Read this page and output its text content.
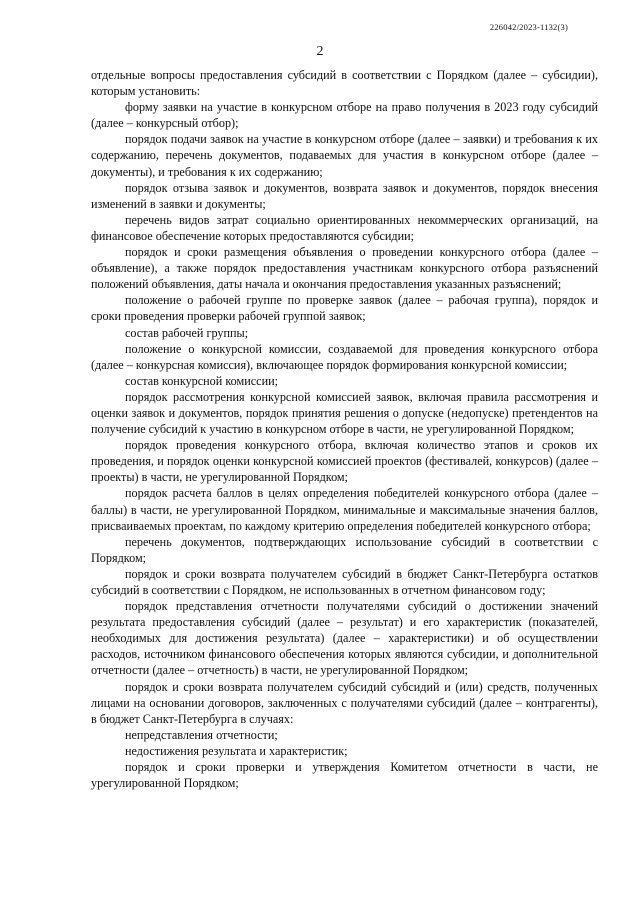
226042/2023-1132(3)
2

отдельные вопросы предоставления субсидий в соответствии с Порядком (далее – субсидии), которым установить:

форму заявки на участие в конкурсном отборе на право получения в 2023 году субсидий (далее – конкурсный отбор);

порядок подачи заявок на участие в конкурсном отборе (далее – заявки) и требования к их содержанию, перечень документов, подаваемых для участия в конкурсном отборе (далее – документы), и требования к их содержанию;

порядок отзыва заявок и документов, возврата заявок и документов, порядок внесения изменений в заявки и документы;

перечень видов затрат социально ориентированных некоммерческих организаций, на финансовое обеспечение которых предоставляются субсидии;

порядок и сроки размещения объявления о проведении конкурсного отбора (далее – объявление), а также порядок предоставления участникам конкурсного отбора разъяснений положений объявления, даты начала и окончания предоставления указанных разъяснений;

положение о рабочей группе по проверке заявок (далее – рабочая группа), порядок и сроки проведения проверки рабочей группой заявок;

состав рабочей группы;

положение о конкурсной комиссии, создаваемой для проведения конкурсного отбора (далее – конкурсная комиссия), включающее порядок формирования конкурсной комиссии;

состав конкурсной комиссии;

порядок рассмотрения конкурсной комиссией заявок, включая правила рассмотрения и оценки заявок и документов, порядок принятия решения о допуске (недопуске) претендентов на получение субсидий к участию в конкурсном отборе в части, не урегулированной Порядком;

порядок проведения конкурсного отбора, включая количество этапов и сроков их проведения, и порядок оценки конкурсной комиссией проектов (фестивалей, конкурсов) (далее – проекты) в части, не урегулированной Порядком;

порядок расчета баллов в целях определения победителей конкурсного отбора (далее – баллы) в части, не урегулированной Порядком, минимальные и максимальные значения баллов, присваиваемых проектам, по каждому критерию определения победителей конкурсного отбора;

перечень документов, подтверждающих использование субсидий в соответствии с Порядком;

порядок и сроки возврата получателем субсидий в бюджет Санкт-Петербурга остатков субсидий в соответствии с Порядком, не использованных в отчетном финансовом году;

порядок представления отчетности получателями субсидий о достижении значений результата предоставления субсидий (далее – результат) и его характеристик (показателей, необходимых для достижения результата) (далее – характеристики) и об осуществлении расходов, источником финансового обеспечения которых являются субсидии, и дополнительной отчетности (далее – отчетность) в части, не урегулированной Порядком;

порядок и сроки возврата получателем субсидий субсидий и (или) средств, полученных лицами на основании договоров, заключенных с получателями субсидий (далее – контрагенты), в бюджет Санкт-Петербурга в случаях:

непредставления отчетности;

недостижения результата и характеристик;

порядок и сроки проверки и утверждения Комитетом отчетности в части, не урегулированной Порядком;
